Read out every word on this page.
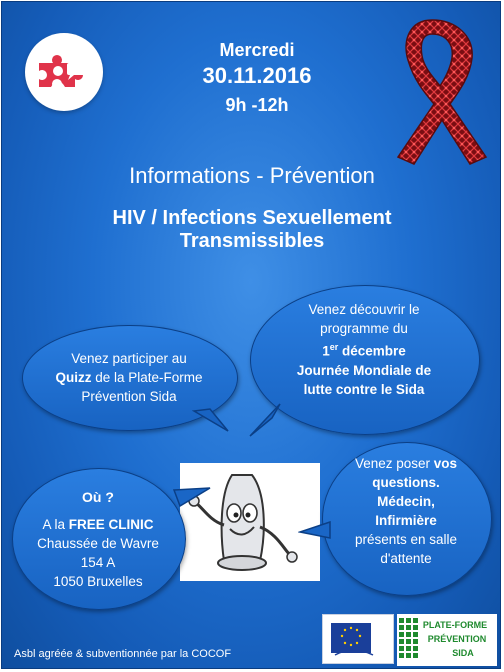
Mercredi
30.11.2016
9h -12h
Informations - Prévention
HIV / Infections Sexuellement
Transmissibles
Venez participer au
Quizz de la Plate-Forme
Prévention Sida
Venez découvrir le
programme du
1er décembre
Journée Mondiale de
lutte contre le Sida
Où ?
A la FREE CLINIC
Chaussée de Wavre
154 A
1050 Bruxelles
Venez poser vos
questions.
Médecin,
Infirmière
présents en salle
d'attente
Asbl agréée & subventionnée par la COCOF
PLATE-FORME
PRÉVENTION
SIDA
